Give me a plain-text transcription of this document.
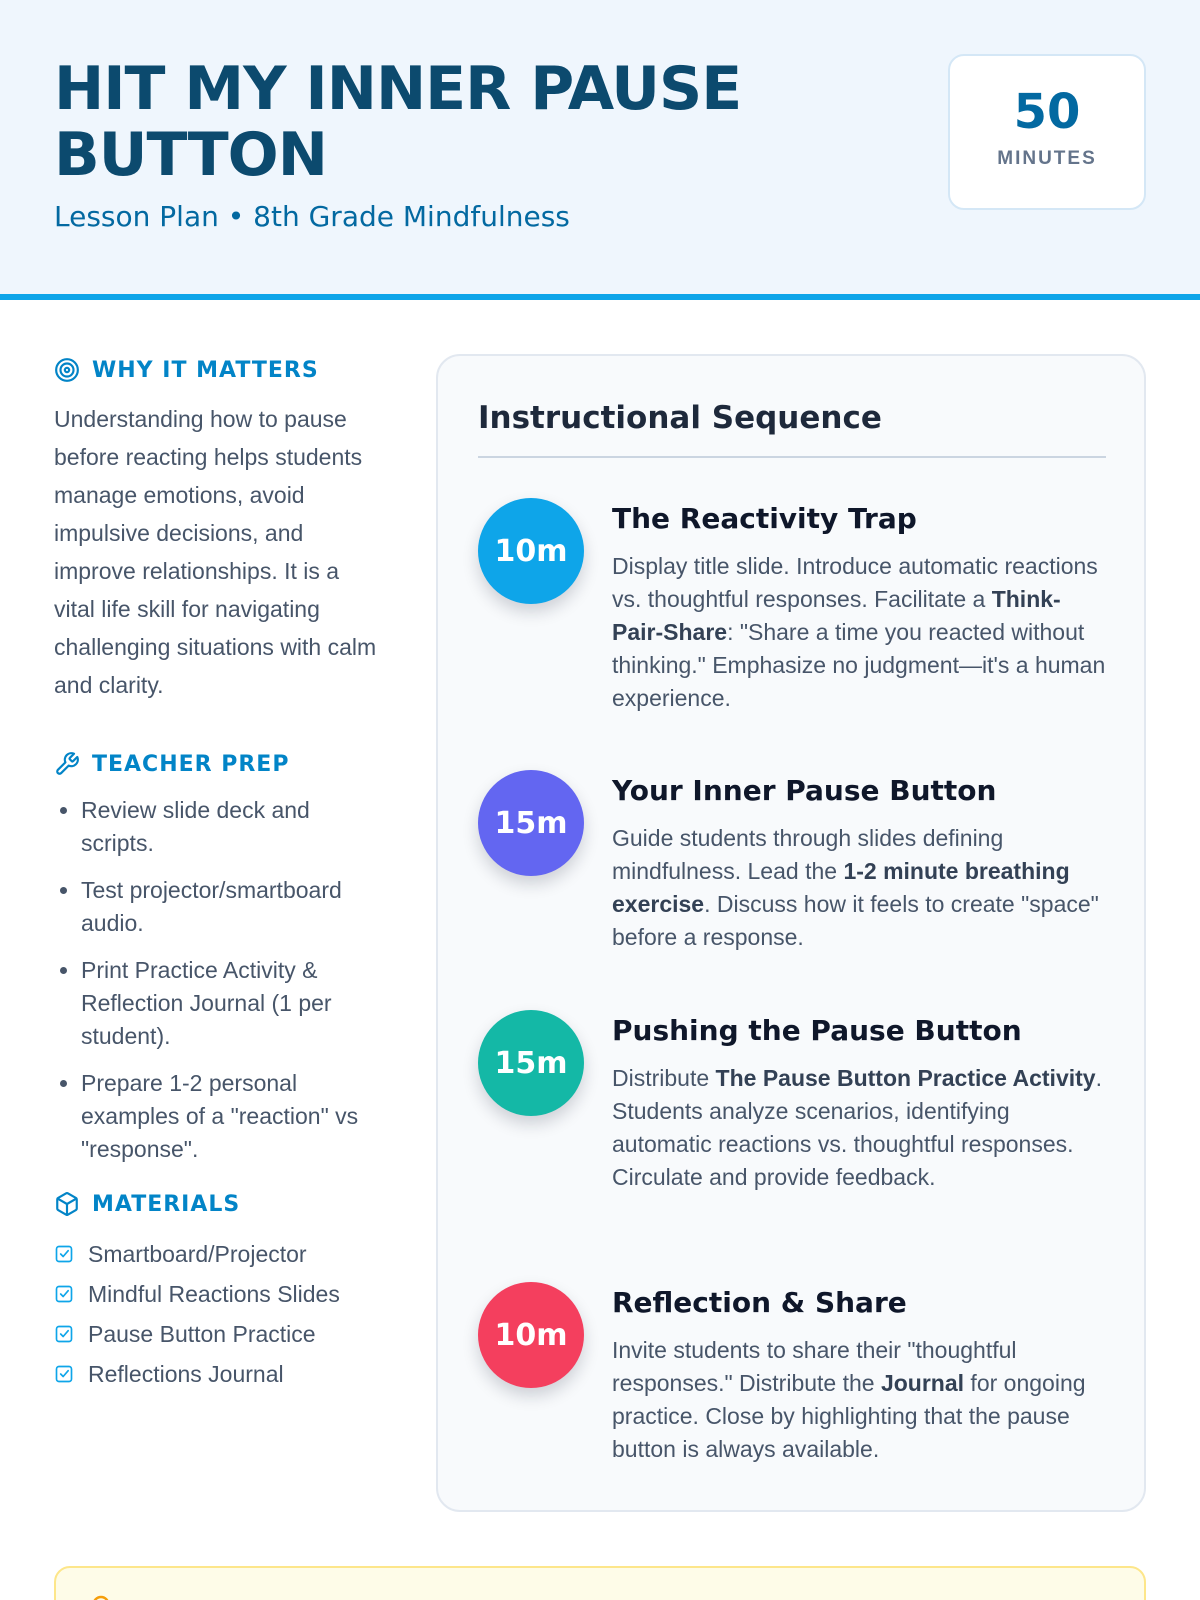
HIT MY INNER PAUSE BUTTON
Lesson Plan • 8th Grade Mindfulness
50
MINUTES
WHY IT MATTERS

Understanding how to pause before reacting helps students manage emotions, avoid impulsive decisions, and improve relationships. It is a vital life skill for navigating challenging situations with calm and clarity.

TEACHER PREP
• Review slide deck and scripts.
• Test projector/smartboard audio.
• Print Practice Activity & Reflection Journal (1 per student).
• Prepare 1-2 personal examples of a "reaction" vs "response".
MATERIALS
Smartboard/Projector
Mindful Reactions Slides
Pause Button Practice
Reflections Journal
Instructional Sequence
10m
The Reactivity Trap

Display title slide. Introduce automatic reactions vs. thoughtful responses. Facilitate a Think-Pair-Share: "Share a time you reacted without thinking." Emphasize no judgment—it's a human experience.

15m
Your Inner Pause Button

Guide students through slides defining mindfulness. Lead the 1-2 minute breathing exercise. Discuss how it feels to create "space" before a response.

15m
Pushing the Pause Button

Distribute The Pause Button Practice Activity. Students analyze scenarios, identifying automatic reactions vs. thoughtful responses. Circulate and provide feedback.

10m
Reflection & Share

Invite students to share their "thoughtful responses." Distribute the Journal for ongoing practice. Close by highlighting that the pause button is always available.
